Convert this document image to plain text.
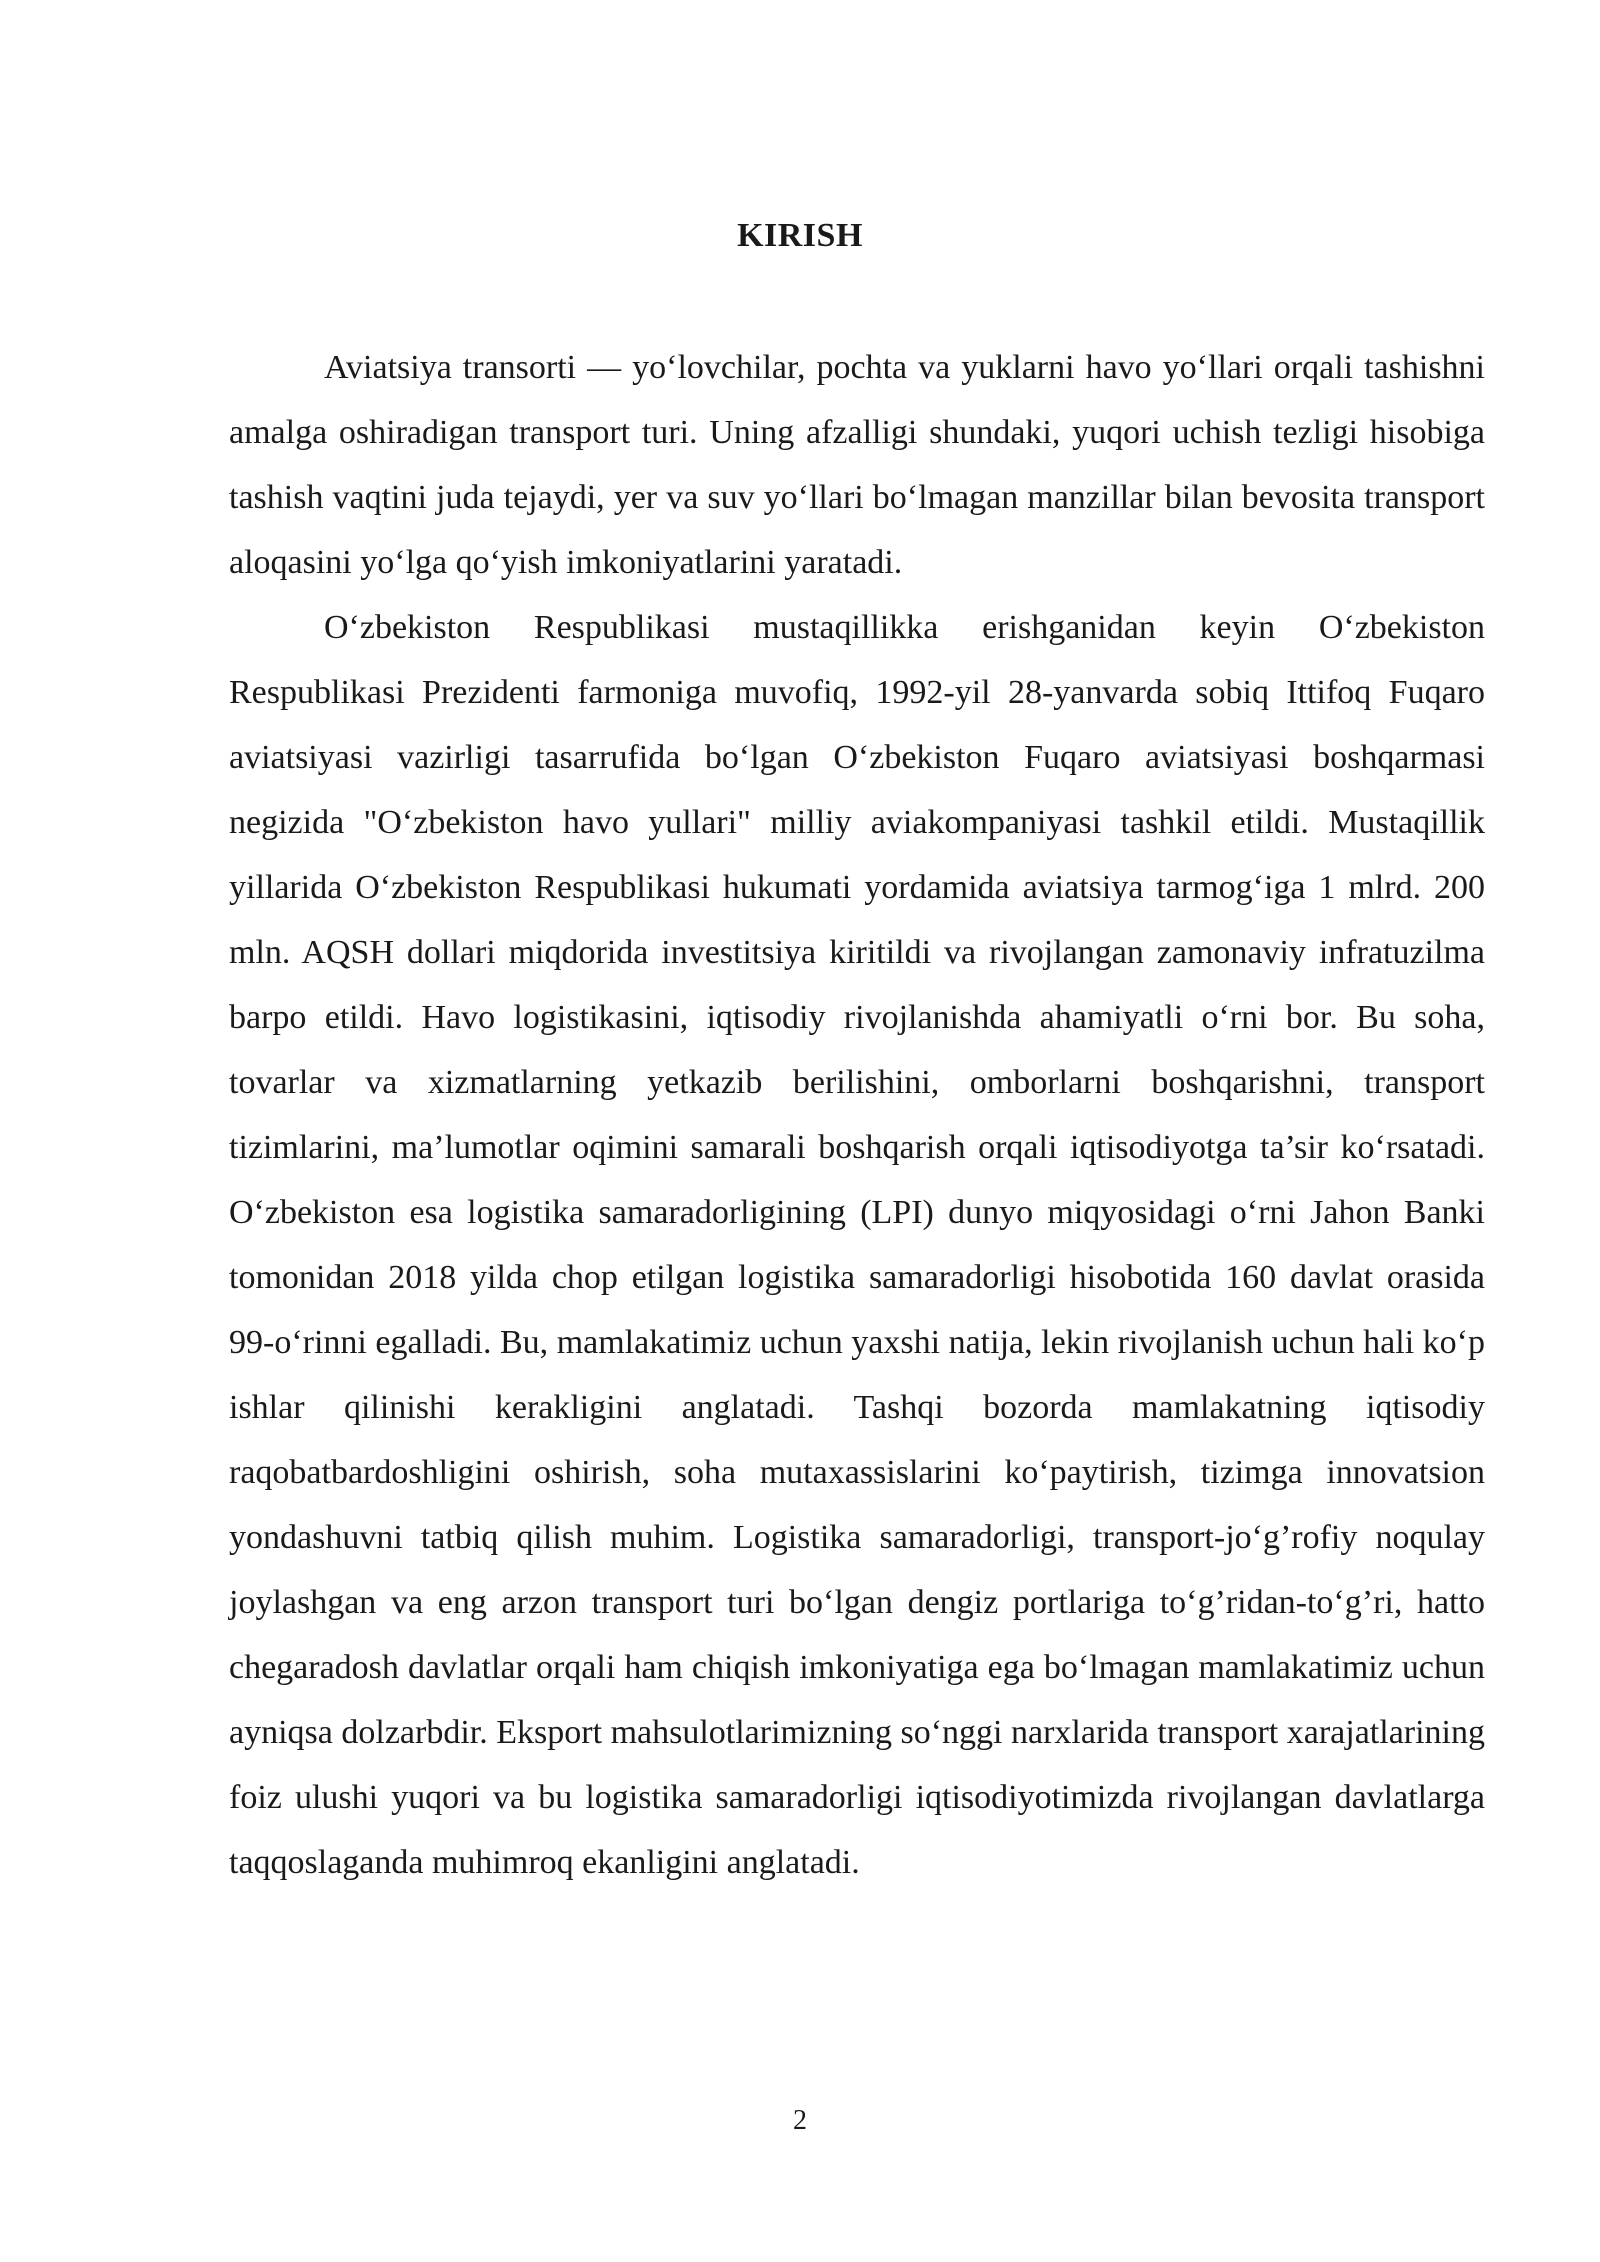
KIRISH

Aviatsiya transorti — yo‘lovchilar, pochta va yuklarni havo yo‘llari orqali tashishni amalga oshiradigan transport turi. Uning afzalligi shundaki, yuqori uchish tezligi hisobiga tashish vaqtini juda tejaydi, yer va suv yo‘llari bo‘lmagan manzillar bilan bevosita transport aloqasini yo‘lga qo‘yish imkoniyatlarini yaratadi.

O‘zbekiston Respublikasi mustaqillikka erishganidan keyin O‘zbekiston Respublikasi Prezidenti farmoniga muvofiq, 1992-yil 28-yanvarda sobiq Ittifoq Fuqaro aviatsiyasi vazirligi tasarrufida bo‘lgan O‘zbekiston Fuqaro aviatsiyasi boshqarmasi negizida "O‘zbekiston havo yullari" milliy aviakompaniyasi tashkil etildi. Mustaqillik yillarida O‘zbekiston Respublikasi hukumati yordamida aviatsiya tarmog‘iga 1 mlrd. 200 mln. AQSH dollari miqdorida investitsiya kiritildi va rivojlangan zamonaviy infratuzilma barpo etildi. Havo logistikasini, iqtisodiy rivojlanishda ahamiyatli o‘rni bor. Bu soha, tovarlar va xizmatlarning yetkazib berilishini, omborlarni boshqarishni, transport tizimlarini, ma’lumotlar oqimini samarali boshqarish orqali iqtisodiyotga ta’sir ko‘rsatadi. O‘zbekiston esa logistika samaradorligining (LPI) dunyo miqyosidagi o‘rni Jahon Banki tomonidan 2018 yilda chop etilgan logistika samaradorligi hisobotida 160 davlat orasida 99-o‘rinni egalladi. Bu, mamlakatimiz uchun yaxshi natija, lekin rivojlanish uchun hali ko‘p ishlar qilinishi kerakligini anglatadi. Tashqi bozorda mamlakatning iqtisodiy raqobatbardoshligini oshirish, soha mutaxassislarini ko‘paytirish, tizimga innovatsion yondashuvni tatbiq qilish muhim. Logistika samaradorligi, transport-jo‘g’rofiy noqulay joylashgan va eng arzon transport turi bo‘lgan dengiz portlariga to‘g’ridan-to‘g’ri, hatto chegaradosh davlatlar orqali ham chiqish imkoniyatiga ega bo‘lmagan mamlakatimiz uchun ayniqsa dolzarbdir. Eksport mahsulotlarimizning so‘nggi narxlarida transport xarajatlarining foiz ulushi yuqori va bu logistika samaradorligi iqtisodiyotimizda rivojlangan davlatlarga taqqoslaganda muhimroq ekanligini anglatadi.

2
